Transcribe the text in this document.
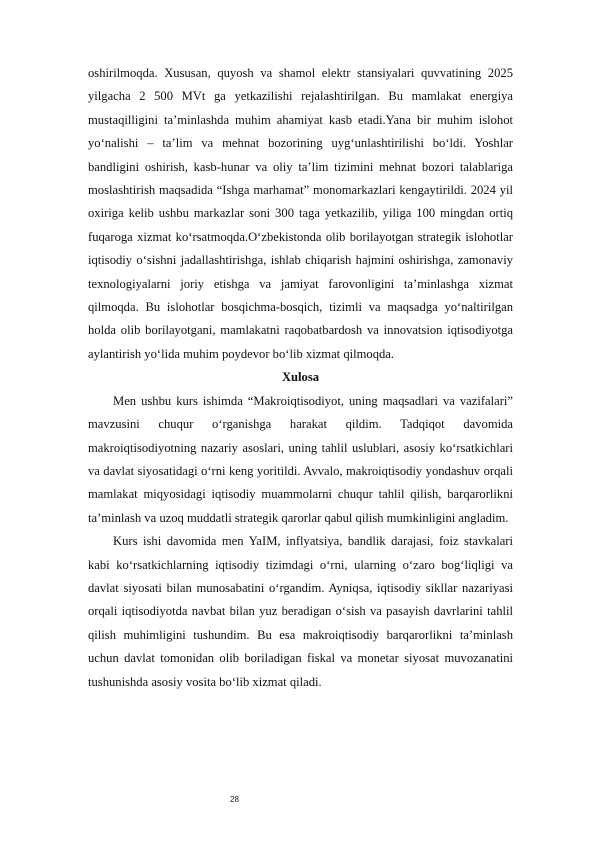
oshirilmoqda. Xususan, quyosh va shamol elektr stansiyalari quvvatining 2025 yilgacha 2 500 MVt ga yetkazilishi rejalashtirilgan. Bu mamlakat energiya mustaqilligini ta’minlashda muhim ahamiyat kasb etadi.Yana bir muhim islohot yo‘nalishi – ta’lim va mehnat bozorining uyg‘unlashtirilishi bo‘ldi. Yoshlar bandligini oshirish, kasb-hunar va oliy ta’lim tizimini mehnat bozori talablariga moslashtirish maqsadida “Ishga marhamat” monomarkazlari kengaytirildi. 2024 yil oxiriga kelib ushbu markazlar soni 300 taga yetkazilib, yiliga 100 mingdan ortiq fuqaroga xizmat ko‘rsatmoqda.O‘zbekistonda olib borilayotgan strategik islohotlar iqtisodiy o‘sishni jadallashtirishga, ishlab chiqarish hajmini oshirishga, zamonaviy texnologiyalarni joriy etishga va jamiyat farovonligini ta’minlashga xizmat qilmoqda. Bu islohotlar bosqichma-bosqich, tizimli va maqsadga yo‘naltirilgan holda olib borilayotgani, mamlakatni raqobatbardosh va innovatsion iqtisodiyotga aylantirish yo‘lida muhim poydevor bo‘lib xizmat qilmoqda.

Xulosa

Men ushbu kurs ishimda “Makroiqtisodiyot, uning maqsadlari va vazifalari” mavzusini chuqur o‘rganishga harakat qildim. Tadqiqot davomida makroiqtisodiyotning nazariy asoslari, uning tahlil uslublari, asosiy ko‘rsatkichlari va davlat siyosatidagi o‘rni keng yoritildi. Avvalo, makroiqtisodiy yondashuv orqali mamlakat miqyosidagi iqtisodiy muammolarni chuqur tahlil qilish, barqarorlikni ta’minlash va uzoq muddatli strategik qarorlar qabul qilish mumkinligini angladim.

Kurs ishi davomida men YaIM, inflyatsiya, bandlik darajasi, foiz stavkalari kabi ko‘rsatkichlarning iqtisodiy tizimdagi o‘rni, ularning o‘zaro bog‘liqligi va davlat siyosati bilan munosabatini o‘rgandim. Ayniqsa, iqtisodiy sikllar nazariyasi orqali iqtisodiyotda navbat bilan yuz beradigan o‘sish va pasayish davrlarini tahlil qilish muhimligini tushundim. Bu esa makroiqtisodiy barqarorlikni ta’minlash uchun davlat tomonidan olib boriladigan fiskal va monetar siyosat muvozanatini tushunishda asosiy vosita bo‘lib xizmat qiladi.

28
